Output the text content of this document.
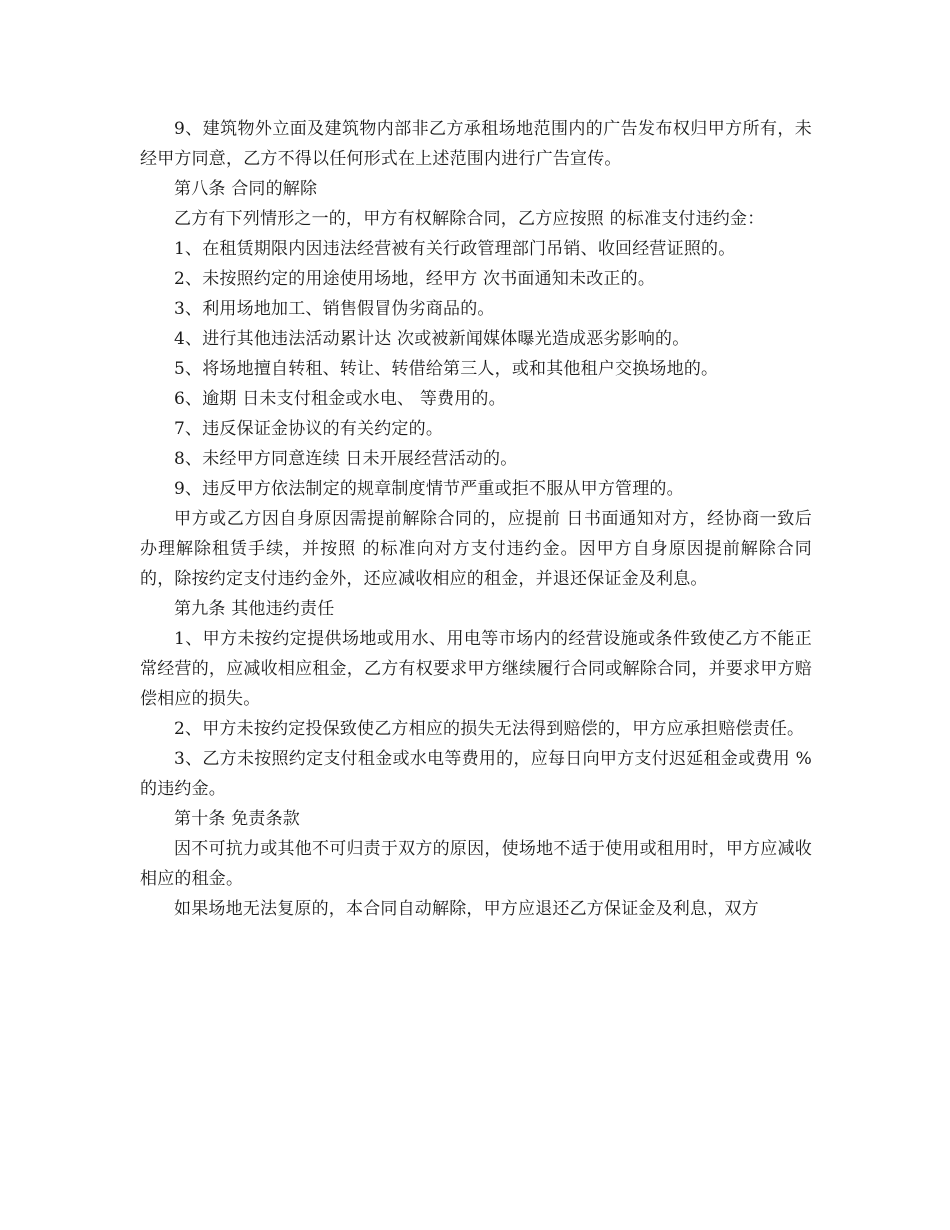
9、建筑物外立面及建筑物内部非乙方承租场地范围内的广告发布权归甲方所有，未经甲方同意，乙方不得以任何形式在上述范围内进行广告宣传。

第八条 合同的解除

乙方有下列情形之一的，甲方有权解除合同，乙方应按照 的标准支付违约金：

1、在租赁期限内因违法经营被有关行政管理部门吊销、收回经营证照的。

2、未按照约定的用途使用场地，经甲方 次书面通知未改正的。

3、利用场地加工、销售假冒伪劣商品的。

4、进行其他违法活动累计达 次或被新闻媒体曝光造成恶劣影响的。

5、将场地擅自转租、转让、转借给第三人，或和其他租户交换场地的。

6、逾期 日未支付租金或水电、 等费用的。

7、违反保证金协议的有关约定的。

8、未经甲方同意连续 日未开展经营活动的。

9、违反甲方依法制定的规章制度情节严重或拒不服从甲方管理的。

甲方或乙方因自身原因需提前解除合同的，应提前 日书面通知对方，经协商一致后办理解除租赁手续，并按照 的标准向对方支付违约金。因甲方自身原因提前解除合同的，除按约定支付违约金外，还应减收相应的租金，并退还保证金及利息。

第九条 其他违约责任

1、甲方未按约定提供场地或用水、用电等市场内的经营设施或条件致使乙方不能正常经营的，应减收相应租金，乙方有权要求甲方继续履行合同或解除合同，并要求甲方赔偿相应的损失。

2、甲方未按约定投保致使乙方相应的损失无法得到赔偿的，甲方应承担赔偿责任。

3、乙方未按照约定支付租金或水电等费用的，应每日向甲方支付迟延租金或费用 %的违约金。

第十条 免责条款

因不可抗力或其他不可归责于双方的原因，使场地不适于使用或租用时，甲方应减收相应的租金。

如果场地无法复原的，本合同自动解除，甲方应退还乙方保证金及利息，双方
